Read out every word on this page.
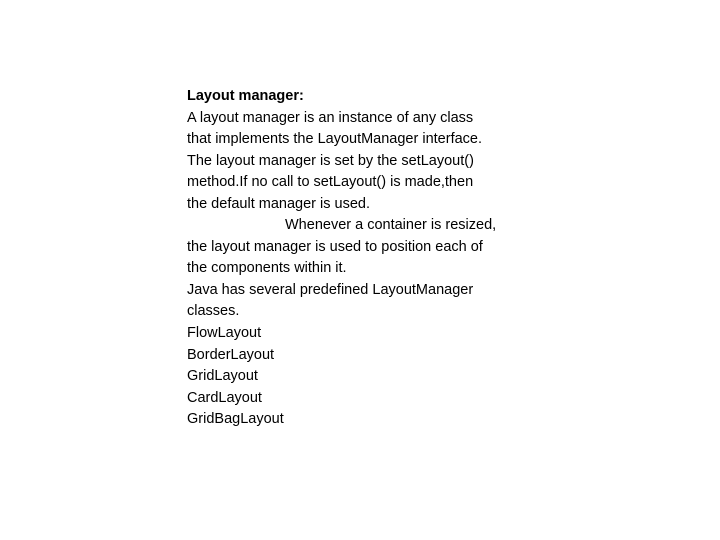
Layout manager:
A layout manager is an instance of any class
that implements the LayoutManager interface.
The layout manager is set by the setLayout()
method.If no call to setLayout() is made,then
the default manager is used.
Whenever a container is resized,
the layout manager is used to position each of
the components within it.
Java has several predefined LayoutManager
classes.
FlowLayout
BorderLayout
GridLayout
CardLayout
GridBagLayout
